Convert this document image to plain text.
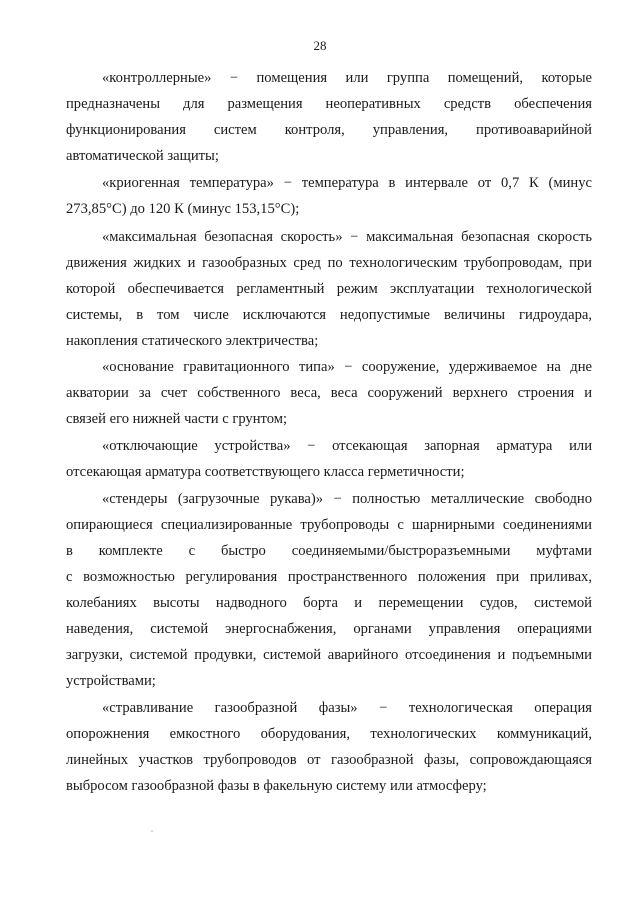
28
«контроллерные» − помещения или группа помещений, которые
предназначены для размещения неоперативных средств обеспечения
функционирования систем контроля, управления, противоаварийной
автоматической защиты;
«криогенная температура» − температура в интервале от 0,7 К (минус
273,85°С) до 120 К (минус 153,15°С);
«максимальная безопасная скорость» − максимальная безопасная скорость
движения жидких и газообразных сред по технологическим трубопроводам, при
которой обеспечивается регламентный режим эксплуатации технологической
системы, в том числе исключаются недопустимые величины гидроудара,
накопления статического электричества;
«основание гравитационного типа» − сооружение, удерживаемое на дне
акватории за счет собственного веса, веса сооружений верхнего строения и
связей его нижней части с грунтом;
«отключающие устройства» − отсекающая запорная арматура или
отсекающая арматура соответствующего класса герметичности;
«стендеры (загрузочные рукава)» − полностью металлические свободно
опирающиеся специализированные трубопроводы с шарнирными соединениями
в комплекте с быстро соединяемыми/быстроразъемными муфтами
с возможностью регулирования пространственного положения при приливах,
колебаниях высоты надводного борта и перемещении судов, системой
наведения, системой энергоснабжения, органами управления операциями
загрузки, системой продувки, системой аварийного отсоединения и подъемными
устройствами;
«стравливание газообразной фазы» − технологическая операция
опорожнения емкостного оборудования, технологических коммуникаций,
линейных участков трубопроводов от газообразной фазы, сопровождающаяся
выбросом газообразной фазы в факельную систему или атмосферу;
